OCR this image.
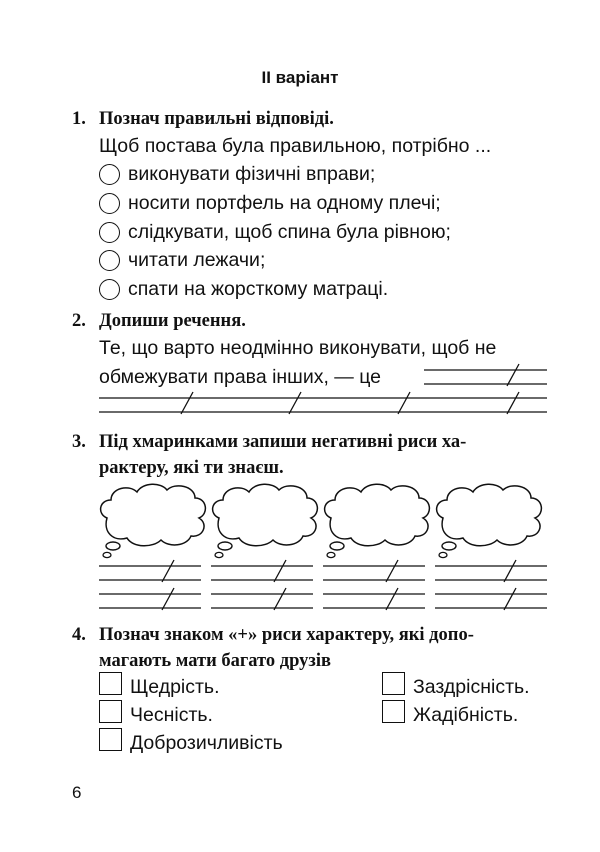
ІІ варіант
1. Познач правильні відповіді.
Щоб постава була правильною, потрібно ...
виконувати фізичні вправи;
носити портфель на одному плечі;
слідкувати, щоб спина була рівною;
читати лежачи;
спати на жорсткому матраці.
2. Допиши речення.
Те, що варто неодмінно виконувати, щоб не
обмежувати права інших, — це
3. Під хмаринками запиши негативні риси ха-
рактеру, які ти знаєш.
4. Познач знаком «+» риси характеру, які допо-
магають мати багато друзів
Щедрість.
Чесність.
Доброзичливість
Заздрісність.
Жадібність.
6
